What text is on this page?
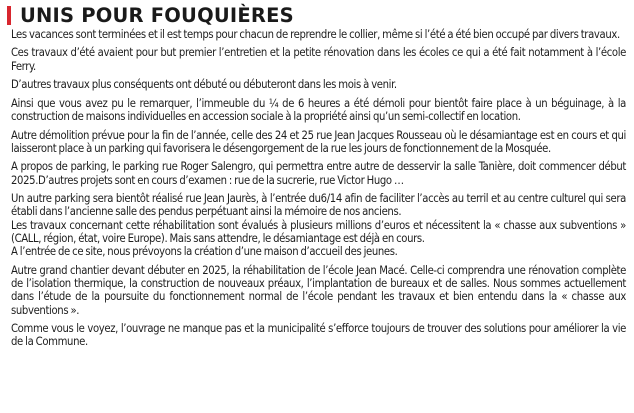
UNIS POUR FOUQUIÈRES

Les vacances sont terminées et il est temps pour chacun de reprendre le collier, même si l’été a été bien occupé par divers travaux.

Ces travaux d’été avaient pour but premier l’entretien et la petite rénovation dans les écoles ce qui a été fait notamment à l’école Ferry.

D’autres travaux plus conséquents ont débuté ou débuteront dans les mois à venir.

Ainsi que vous avez pu le remarquer, l’immeuble du ¼ de 6 heures a été démoli pour bientôt faire place à un béguinage, à la construction de maisons individuelles en accession sociale à la propriété ainsi qu’un semi-collectif en location.

Autre démolition prévue pour la fin de l’année, celle des 24 et 25 rue Jean Jacques Rousseau où le désamiantage est en cours et qui laisseront place à un parking qui favorisera le désengorgement de la rue les jours de fonctionnement de la Mosquée.

A propos de parking, le parking rue Roger Salengro, qui permettra entre autre de desservir la salle Tanière, doit commencer début 2025.D’autres projets sont en cours d’examen : rue de la sucrerie, rue Victor Hugo …

Un autre parking sera bientôt réalisé rue Jean Jaurès, à l’entrée du6/14 afin de faciliter l’accès au terril et au centre culturel qui sera établi dans l’ancienne salle des pendus perpétuant ainsi la mémoire de nos anciens.

Les travaux concernant cette réhabilitation sont évalués à plusieurs millions d’euros et nécessitent la « chasse aux subventions » (CALL, région, état, voire Europe). Mais sans attendre, le désamiantage est déjà en cours.

A l’entrée de ce site, nous prévoyons la création d’une maison d’accueil des jeunes.

Autre grand chantier devant débuter en 2025, la réhabilitation de l’école Jean Macé. Celle-ci comprendra une rénovation complète de l’isolation thermique, la construction de nouveaux préaux, l’implantation de bureaux et de salles. Nous sommes actuellement dans l’étude de la poursuite du fonctionnement normal de l’école pendant les travaux et bien entendu dans la « chasse aux subventions ».

Comme vous le voyez, l’ouvrage ne manque pas et la municipalité s’efforce toujours de trouver des solutions pour améliorer la vie de la Commune.
